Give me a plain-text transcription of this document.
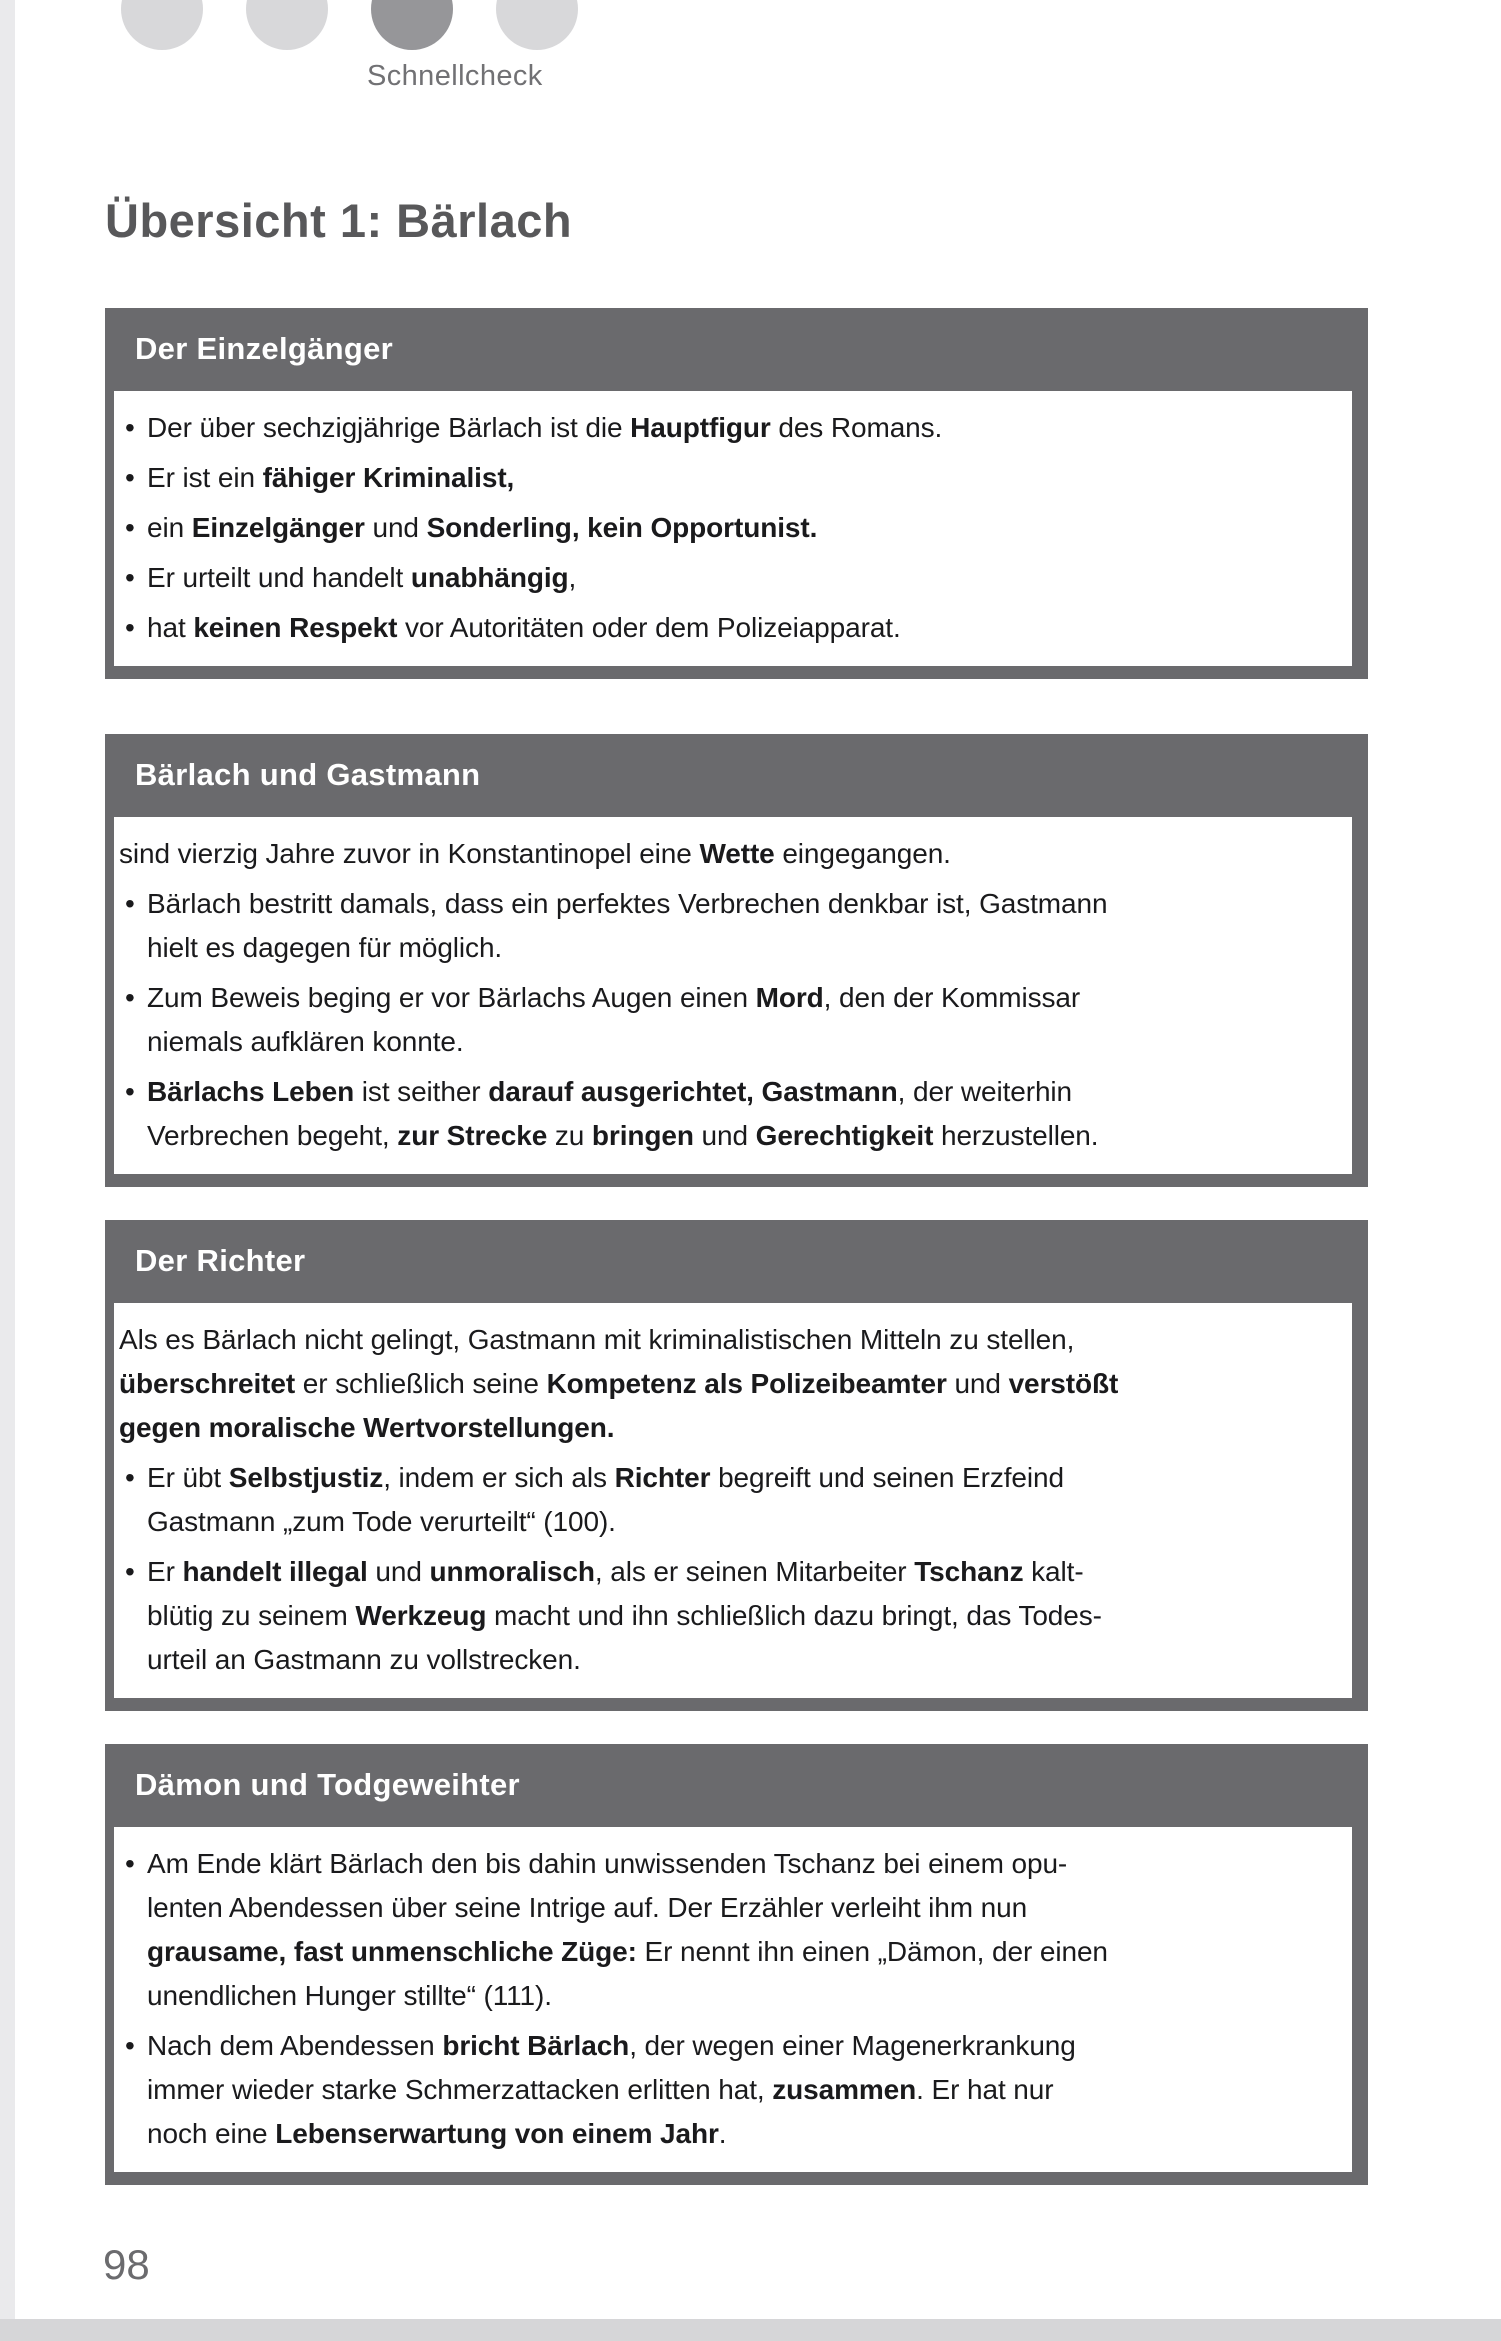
Schnellcheck
Übersicht 1: Bärlach
Der Einzelgänger
• Der über sechzigjährige Bärlach ist die Hauptfigur des Romans.
• Er ist ein fähiger Kriminalist,
• ein Einzelgänger und Sonderling, kein Opportunist.
• Er urteilt und handelt unabhängig,
• hat keinen Respekt vor Autoritäten oder dem Polizeiapparat.
Bärlach und Gastmann
sind vierzig Jahre zuvor in Konstantinopel eine Wette eingegangen.
• Bärlach bestritt damals, dass ein perfektes Verbrechen denkbar ist, Gastmann
hielt es dagegen für möglich.
• Zum Beweis beging er vor Bärlachs Augen einen Mord, den der Kommissar
niemals aufklären konnte.
• Bärlachs Leben ist seither darauf ausgerichtet, Gastmann, der weiterhin
Verbrechen begeht, zur Strecke zu bringen und Gerechtigkeit herzustellen.
Der Richter
Als es Bärlach nicht gelingt, Gastmann mit kriminalistischen Mitteln zu stellen,
überschreitet er schließlich seine Kompetenz als Polizeibeamter und verstößt
gegen moralische Wertvorstellungen.
• Er übt Selbstjustiz, indem er sich als Richter begreift und seinen Erzfeind
Gastmann „zum Tode verurteilt“ (100).
• Er handelt illegal und unmoralisch, als er seinen Mitarbeiter Tschanz kalt-
blütig zu seinem Werkzeug macht und ihn schließlich dazu bringt, das Todes-
urteil an Gastmann zu vollstrecken.
Dämon und Todgeweihter
• Am Ende klärt Bärlach den bis dahin unwissenden Tschanz bei einem opu-
lenten Abendessen über seine Intrige auf. Der Erzähler verleiht ihm nun
grausame, fast unmenschliche Züge: Er nennt ihn einen „Dämon, der einen
unendlichen Hunger stillte“ (111).
• Nach dem Abendessen bricht Bärlach, der wegen einer Magenerkrankung
immer wieder starke Schmerzattacken erlitten hat, zusammen. Er hat nur
noch eine Lebenserwartung von einem Jahr.
98
